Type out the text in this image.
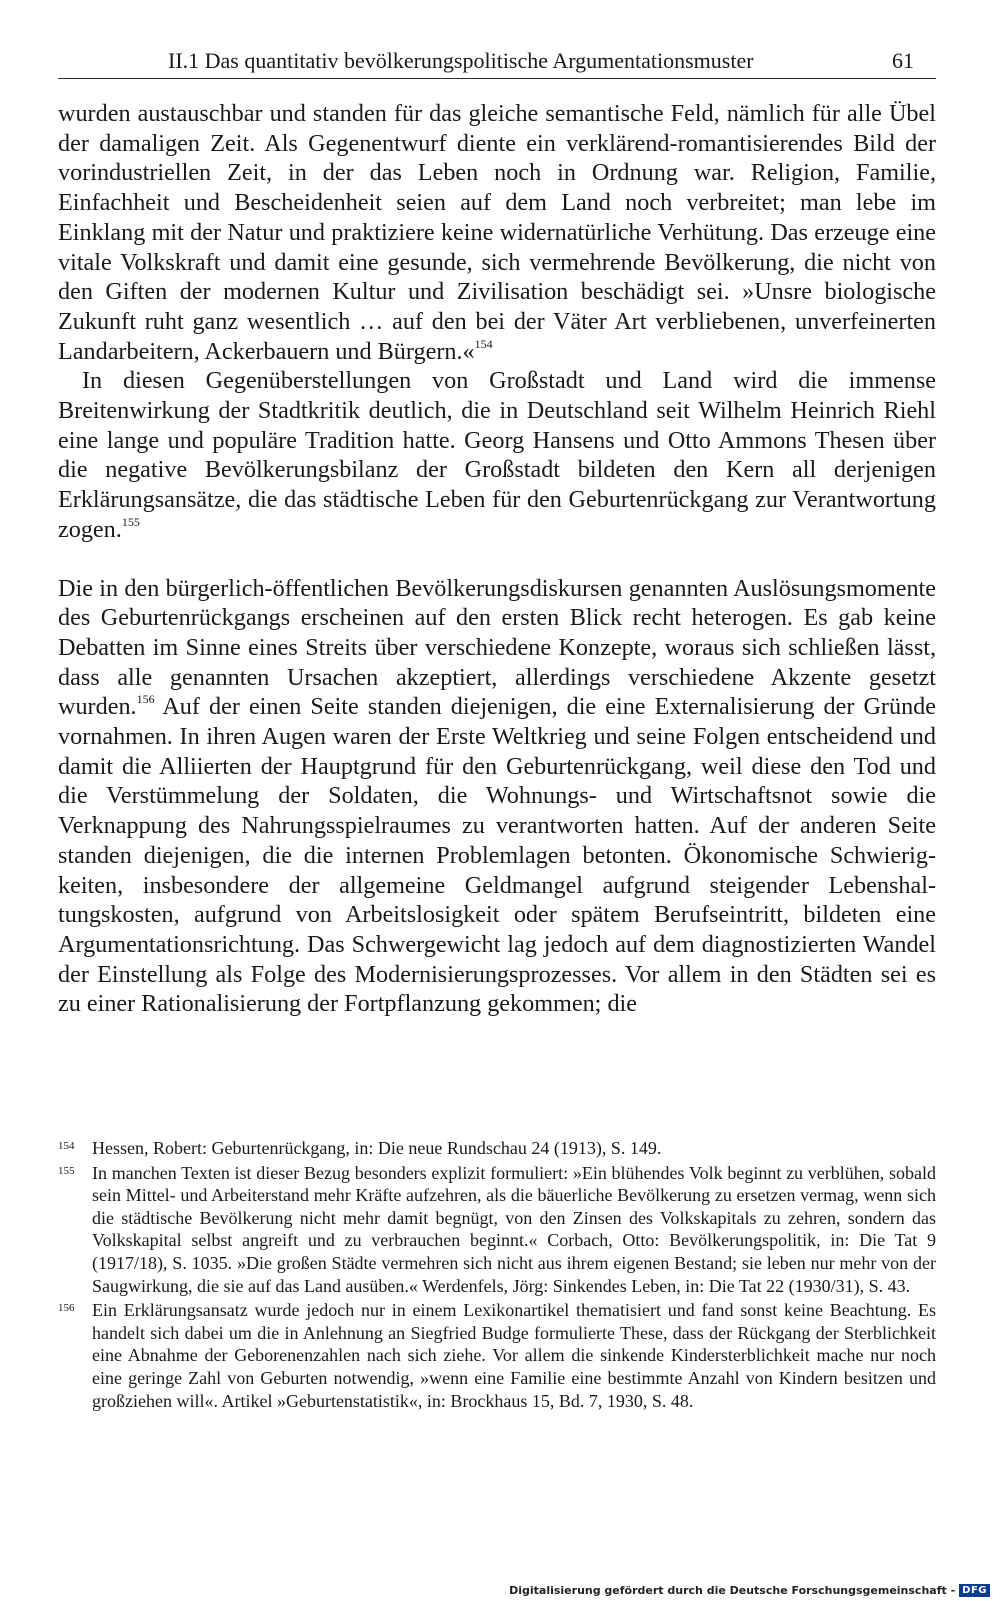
II.1 Das quantitativ bevölkerungspolitische Argumentationsmuster	61

wurden austauschbar und standen für das gleiche semantische Feld, nämlich für alle Übel der damaligen Zeit. Als Gegenentwurf diente ein verklärend-romantisierendes Bild der vorindustriellen Zeit, in der das Leben noch in Ordnung war. Religion, Familie, Einfachheit und Bescheidenheit seien auf dem Land noch verbreitet; man lebe im Einklang mit der Natur und praktiziere keine widernatürliche Verhütung. Das erzeuge eine vitale Volkskraft und damit eine gesunde, sich vermehrende Bevölkerung, die nicht von den Giften der modernen Kultur und Zivilisation beschädigt sei. »Unsre biologische Zukunft ruht ganz wesentlich … auf den bei der Väter Art verbliebenen, unverfeinerten Landarbeitern, Ackerbauern und Bürgern.«$^{154}$

In diesen Gegenüberstellungen von Großstadt und Land wird die immense Breitenwirkung der Stadtkritik deutlich, die in Deutschland seit Wilhelm Heinrich Riehl eine lange und populäre Tradition hatte. Georg Hansens und Otto Ammons Thesen über die negative Bevölkerungsbilanz der Großstadt bildeten den Kern all derjenigen Erklärungsansätze, die das städtische Leben für den Geburtenrückgang zur Verantwortung zogen.$^{155}$

Die in den bürgerlich-öffentlichen Bevölkerungsdiskursen genannten Auslösungsmomente des Geburtenrückgangs erscheinen auf den ersten Blick recht heterogen. Es gab keine Debatten im Sinne eines Streits über verschiedene Konzepte, woraus sich schließen lässt, dass alle genannten Ursachen akzeptiert, allerdings verschiedene Akzente gesetzt wurden.$^{156}$ Auf der einen Seite standen diejenigen, die eine Externalisierung der Gründe vornahmen. In ihren Augen waren der Erste Weltkrieg und seine Folgen entscheidend und damit die Alliierten der Hauptgrund für den Geburtenrückgang, weil diese den Tod und die Verstümmelung der Soldaten, die Wohnungs- und Wirtschaftsnot sowie die Verknappung des Nahrungsspielraumes zu verantworten hatten. Auf der anderen Seite standen diejenigen, die die internen Problemlagen betonten. Ökonomische Schwierigkeiten, insbesondere der allgemeine Geldmangel aufgrund steigender Lebenshaltungskosten, aufgrund von Arbeitslosigkeit oder spätem Berufseintritt, bildeten eine Argumentationsrichtung. Das Schwergewicht lag jedoch auf dem diagnostizierten Wandel der Einstellung als Folge des Modernisierungsprozesses. Vor allem in den Städten sei es zu einer Rationalisierung der Fortpflanzung gekommen; die

154 Hessen, Robert: Geburtenrückgang, in: Die neue Rundschau 24 (1913), S. 149.
155 In manchen Texten ist dieser Bezug besonders explizit formuliert: »Ein blühendes Volk beginnt zu verblühen, sobald sein Mittel- und Arbeiterstand mehr Kräfte aufzehren, als die bäuerliche Bevölkerung zu ersetzen vermag, wenn sich die städtische Bevölkerung nicht mehr damit begnügt, von den Zinsen des Volkskapitals zu zehren, sondern das Volkskapital selbst angreift und zu verbrauchen beginnt.« Corbach, Otto: Bevölkerungspolitik, in: Die Tat 9 (1917/18), S. 1035. »Die großen Städte vermehren sich nicht aus ihrem eigenen Bestand; sie leben nur mehr von der Saugwirkung, die sie auf das Land ausüben.« Werdenfels, Jörg: Sinkendes Leben, in: Die Tat 22 (1930/31), S. 43.
156 Ein Erklärungsansatz wurde jedoch nur in einem Lexikonartikel thematisiert und fand sonst keine Beachtung. Es handelt sich dabei um die in Anlehnung an Siegfried Budge formulierte These, dass der Rückgang der Sterblichkeit eine Abnahme der Geborenenzahlen nach sich ziehe. Vor allem die sinkende Kindersterblichkeit mache nur noch eine geringe Zahl von Geburten notwendig, »wenn eine Familie eine bestimmte Anzahl von Kindern besitzen und großziehen will«. Artikel »Geburtenstatistik«, in: Brockhaus 15, Bd. 7, 1930, S. 48.
Digitalisierung gefördert durch die Deutsche Forschungsgemeinschaft - DFG
